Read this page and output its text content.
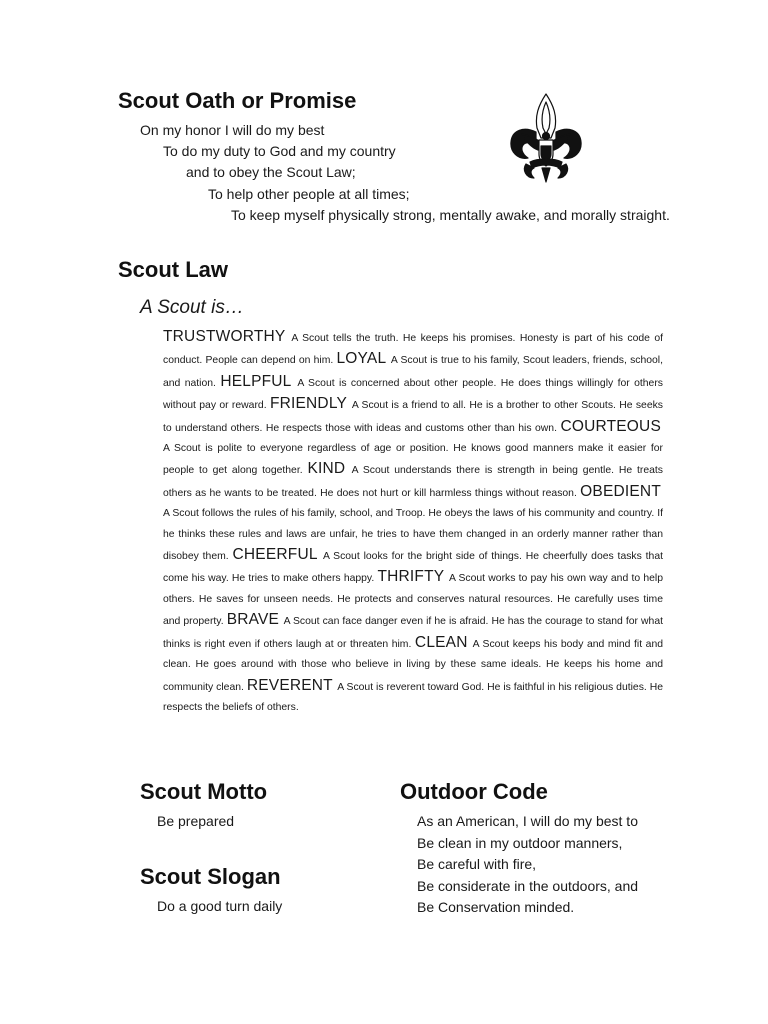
Scout Oath or Promise
On my honor I will do my best
To do my duty to God and my country
and to obey the Scout Law;
To help other people at all times;
To keep myself physically strong, mentally awake, and morally straight.
Scout Law
A Scout is…
TRUSTWORTHY A Scout tells the truth. He keeps his promises. Honesty is part of his code of conduct. People can depend on him. LOYAL A Scout is true to his family, Scout leaders, friends, school, and nation. HELPFUL A Scout is concerned about other people. He does things willingly for others without pay or reward. FRIENDLY A Scout is a friend to all. He is a brother to other Scouts. He seeks to understand others. He respects those with ideas and customs other than his own. COURTEOUS A Scout is polite to everyone regardless of age or position. He knows good manners make it easier for people to get along together. KIND A Scout understands there is strength in being gentle. He treats others as he wants to be treated. He does not hurt or kill harmless things without reason. OBEDIENT A Scout follows the rules of his family, school, and Troop. He obeys the laws of his community and country. If he thinks these rules and laws are unfair, he tries to have them changed in an orderly manner rather than disobey them. CHEERFUL A Scout looks for the bright side of things. He cheerfully does tasks that come his way. He tries to make others happy. THRIFTY A Scout works to pay his own way and to help others. He saves for unseen needs. He protects and conserves natural resources. He carefully uses time and property. BRAVE A Scout can face danger even if he is afraid. He has the courage to stand for what thinks is right even if others laugh at or threaten him. CLEAN A Scout keeps his body and mind fit and clean. He goes around with those who believe in living by these same ideals. He keeps his home and community clean. REVERENT A Scout is reverent toward God. He is faithful in his religious duties. He respects the beliefs of others.
Scout Motto
Be prepared
Scout Slogan
Do a good turn daily
Outdoor Code
As an American, I will do my best to
Be clean in my outdoor manners,
Be careful with fire,
Be considerate in the outdoors, and
Be Conservation minded.
